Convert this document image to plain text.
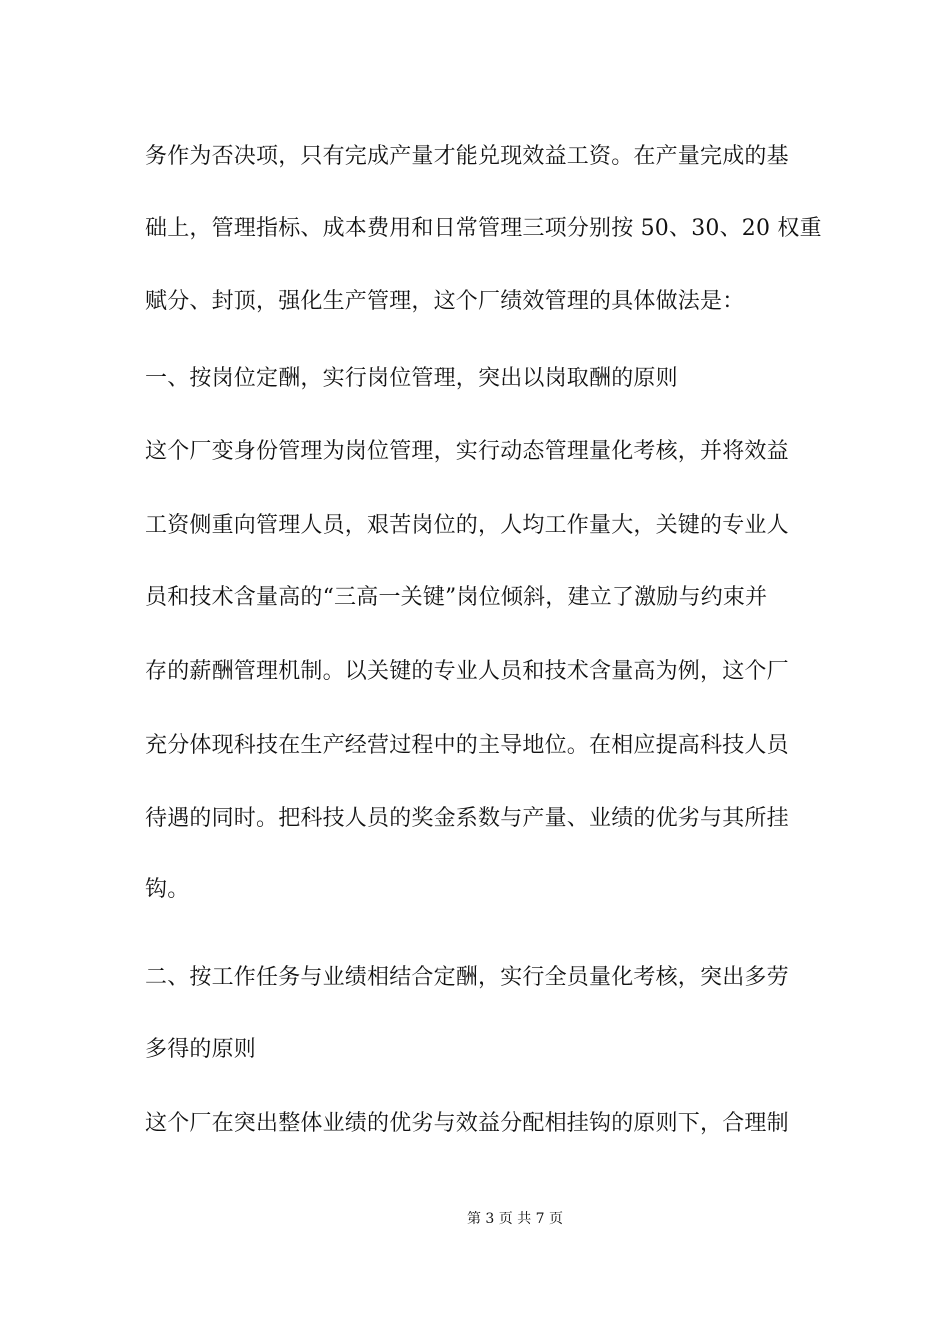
务作为否决项，只有完成产量才能兑现效益工资。在产量完成的基
础上，管理指标、成本费用和日常管理三项分别按 50、30、20 权重
赋分、封顶，强化生产管理，这个厂绩效管理的具体做法是：
一、按岗位定酬，实行岗位管理，突出以岗取酬的原则
这个厂变身份管理为岗位管理，实行动态管理量化考核，并将效益
工资侧重向管理人员，艰苦岗位的，人均工作量大，关键的专业人
员和技术含量高的“三高一关键”岗位倾斜，建立了激励与约束并
存的薪酬管理机制。以关键的专业人员和技术含量高为例，这个厂
充分体现科技在生产经营过程中的主导地位。在相应提高科技人员
待遇的同时。把科技人员的奖金系数与产量、业绩的优劣与其所挂
钩。
二、按工作任务与业绩相结合定酬，实行全员量化考核，突出多劳
多得的原则
这个厂在突出整体业绩的优劣与效益分配相挂钩的原则下，合理制
第 3 页 共 7 页
